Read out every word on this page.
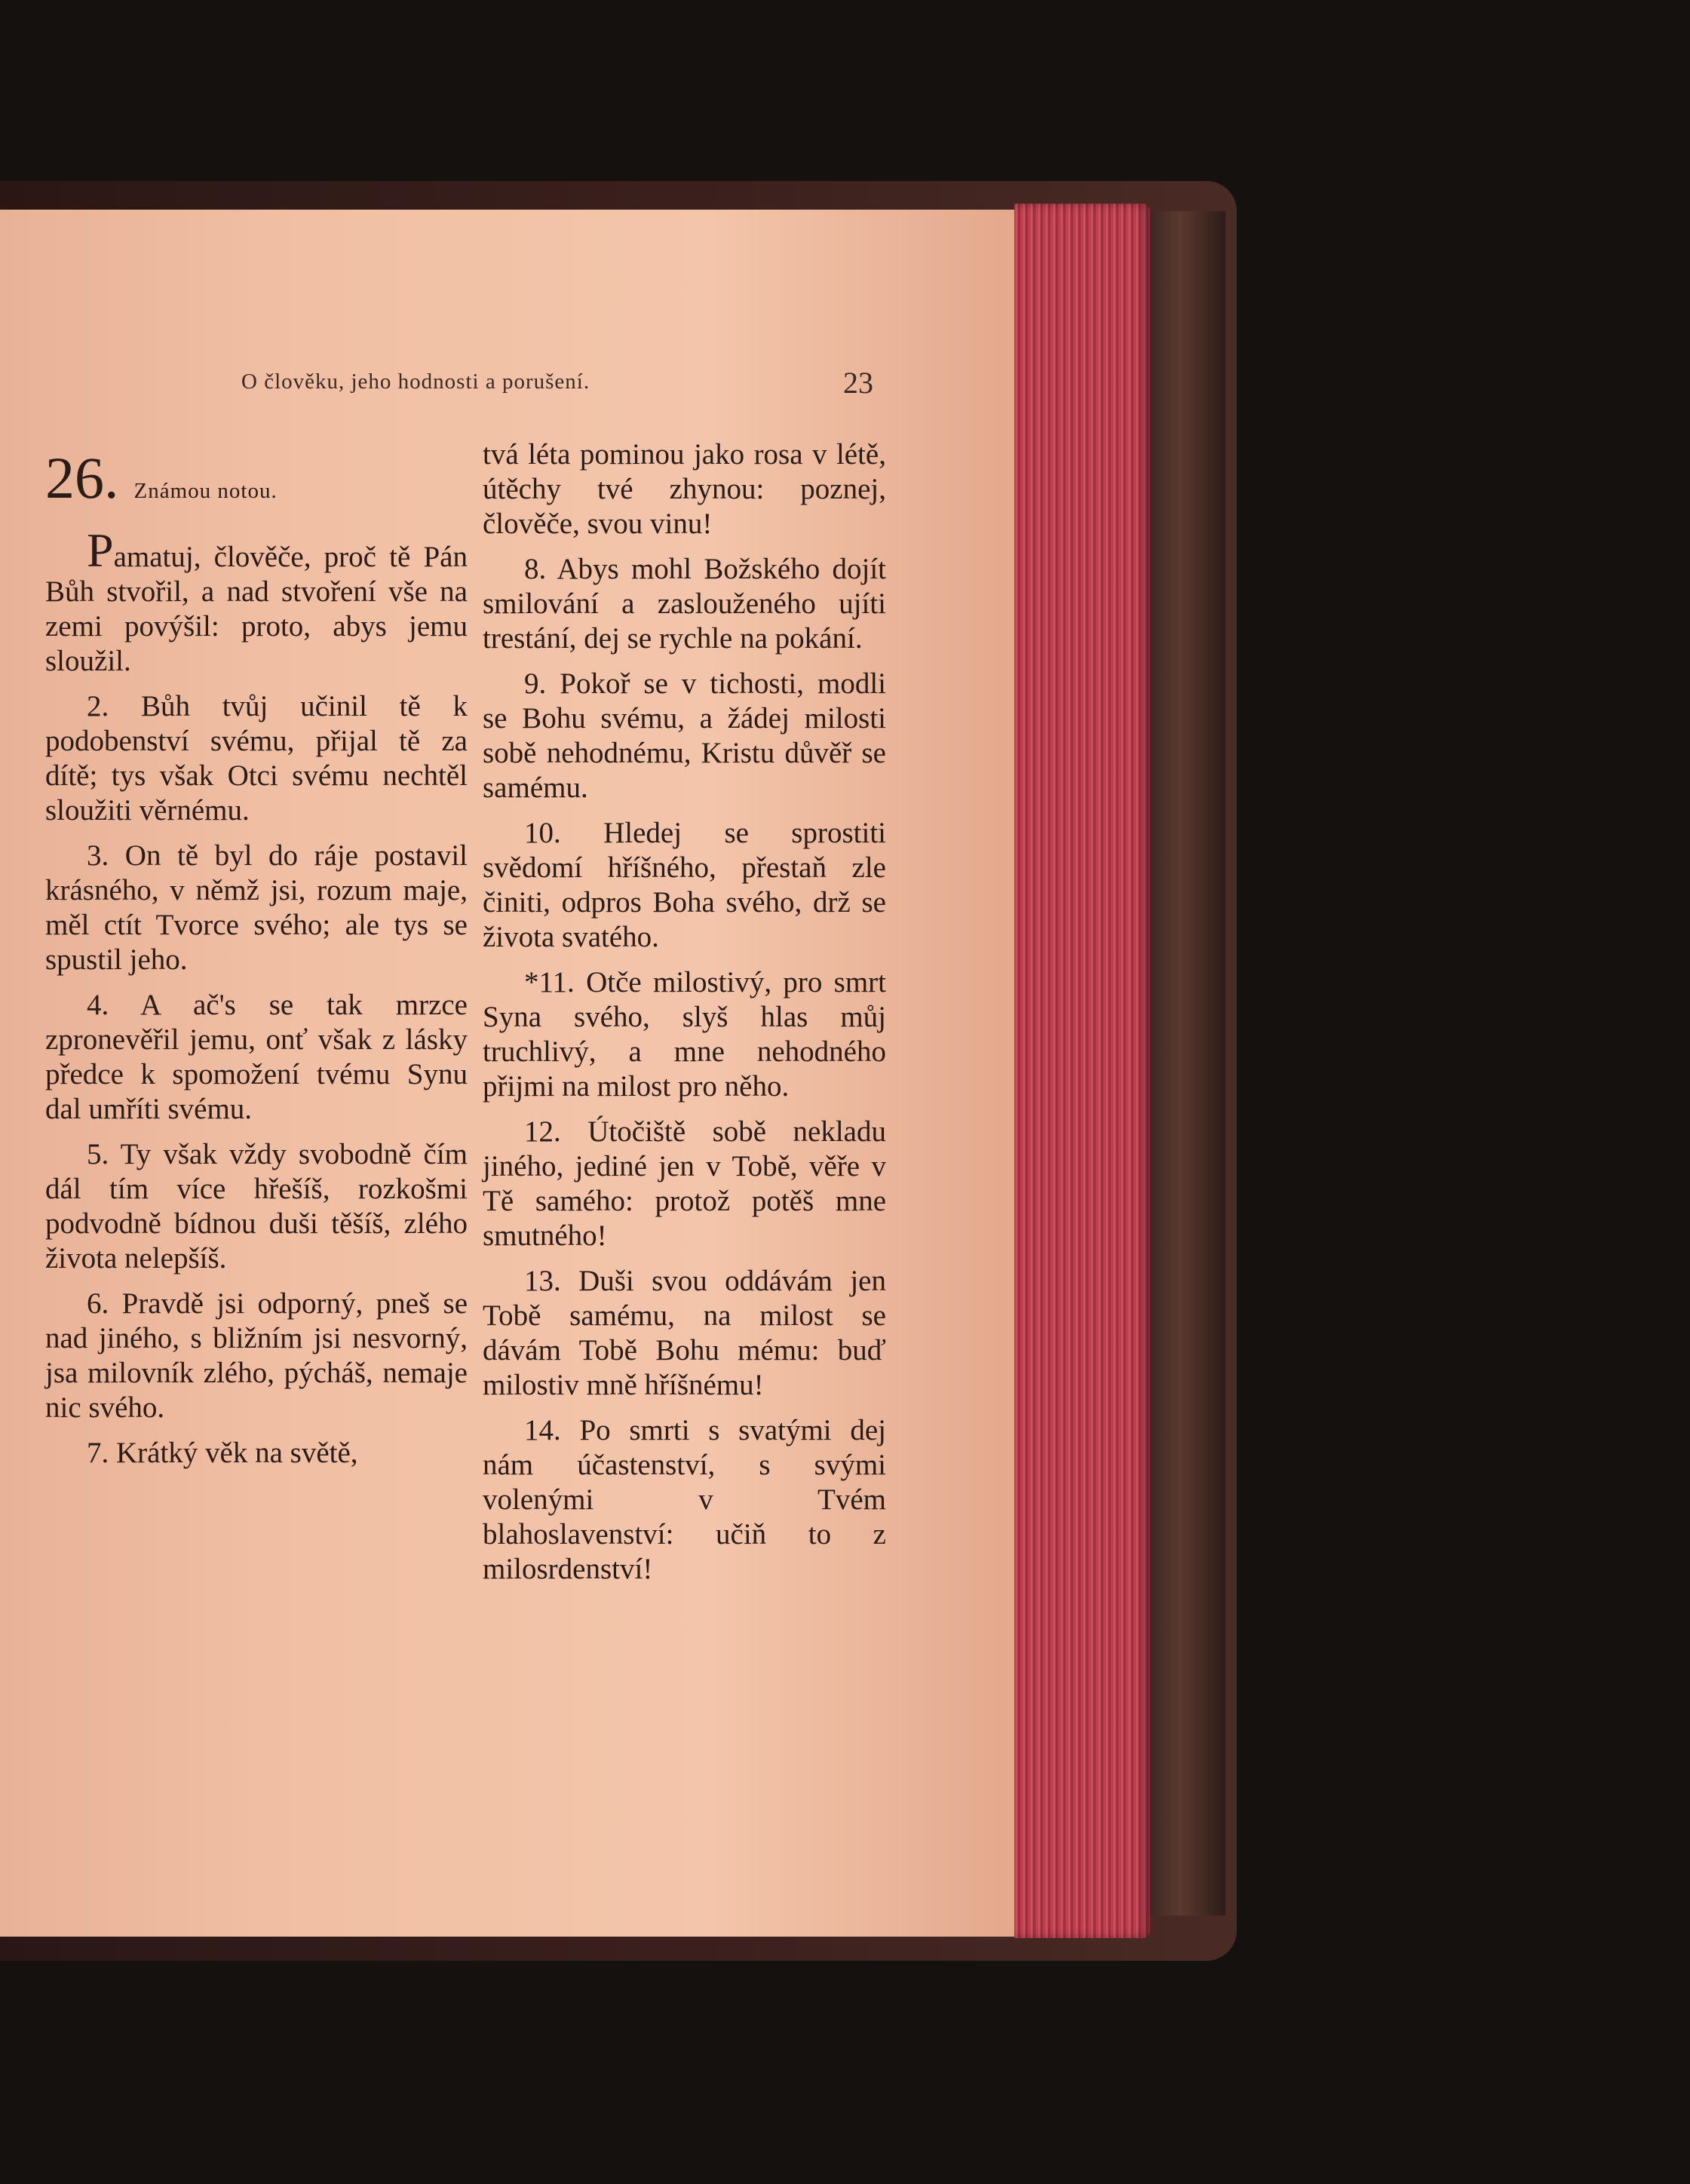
O člověku, jeho hodnosti a porušení.	23
26. Známou notou.

Pamatuj, člověče, proč tě Pán Bůh stvořil, a nad stvoření vše na zemi povýšil: proto, abys jemu sloužil.

2. Bůh tvůj učinil tě k podobenství svému, přijal tě za dítě; tys však Otci svému nechtěl sloužiti věrnému.

3. On tě byl do ráje postavil krásného, v němž jsi, rozum maje, měl ctít Tvorce svého; ale tys se spustil jeho.

4. A ač's se tak mrzce zpronevěřil jemu, onť však z lásky předce k spomožení tvému Synu dal umříti svému.

5. Ty však vždy svobodně čím dál tím více hřešíš, rozkošmi podvodně bídnou duši těšíš, zlého života nelepšíš.

6. Pravdě jsi odporný, pneš se nad jiného, s bližním jsi nesvorný, jsa milovník zlého, pýcháš, nemaje nic svého.

7. Krátký věk na světě,

tvá léta pominou jako rosa v létě, útěchy tvé zhynou: poznej, člověče, svou vinu!

8. Abys mohl Božského dojít smilování a zaslouženého ujíti trestání, dej se rychle na pokání.

9. Pokoř se v tichosti, modli se Bohu svému, a žádej milosti sobě nehodnému, Kristu důvěř se samému.

10. Hledej se sprostiti svědomí hříšného, přestaň zle činiti, odpros Boha svého, drž se života svatého.

*11. Otče milostivý, pro smrt Syna svého, slyš hlas můj truchlivý, a mne nehodného přijmi na milost pro něho.

12. Útočiště sobě nekladu jiného, jediné jen v Tobě, věře v Tě samého: protož potěš mne smutného!

13. Duši svou oddávám jen Tobě samému, na milost se dávám Tobě Bohu mému: buď milostiv mně hříšnému!

14. Po smrti s svatými dej nám účastenství, s svými volenými v Tvém blahoslavenství: učiň to z milosrdenství!
